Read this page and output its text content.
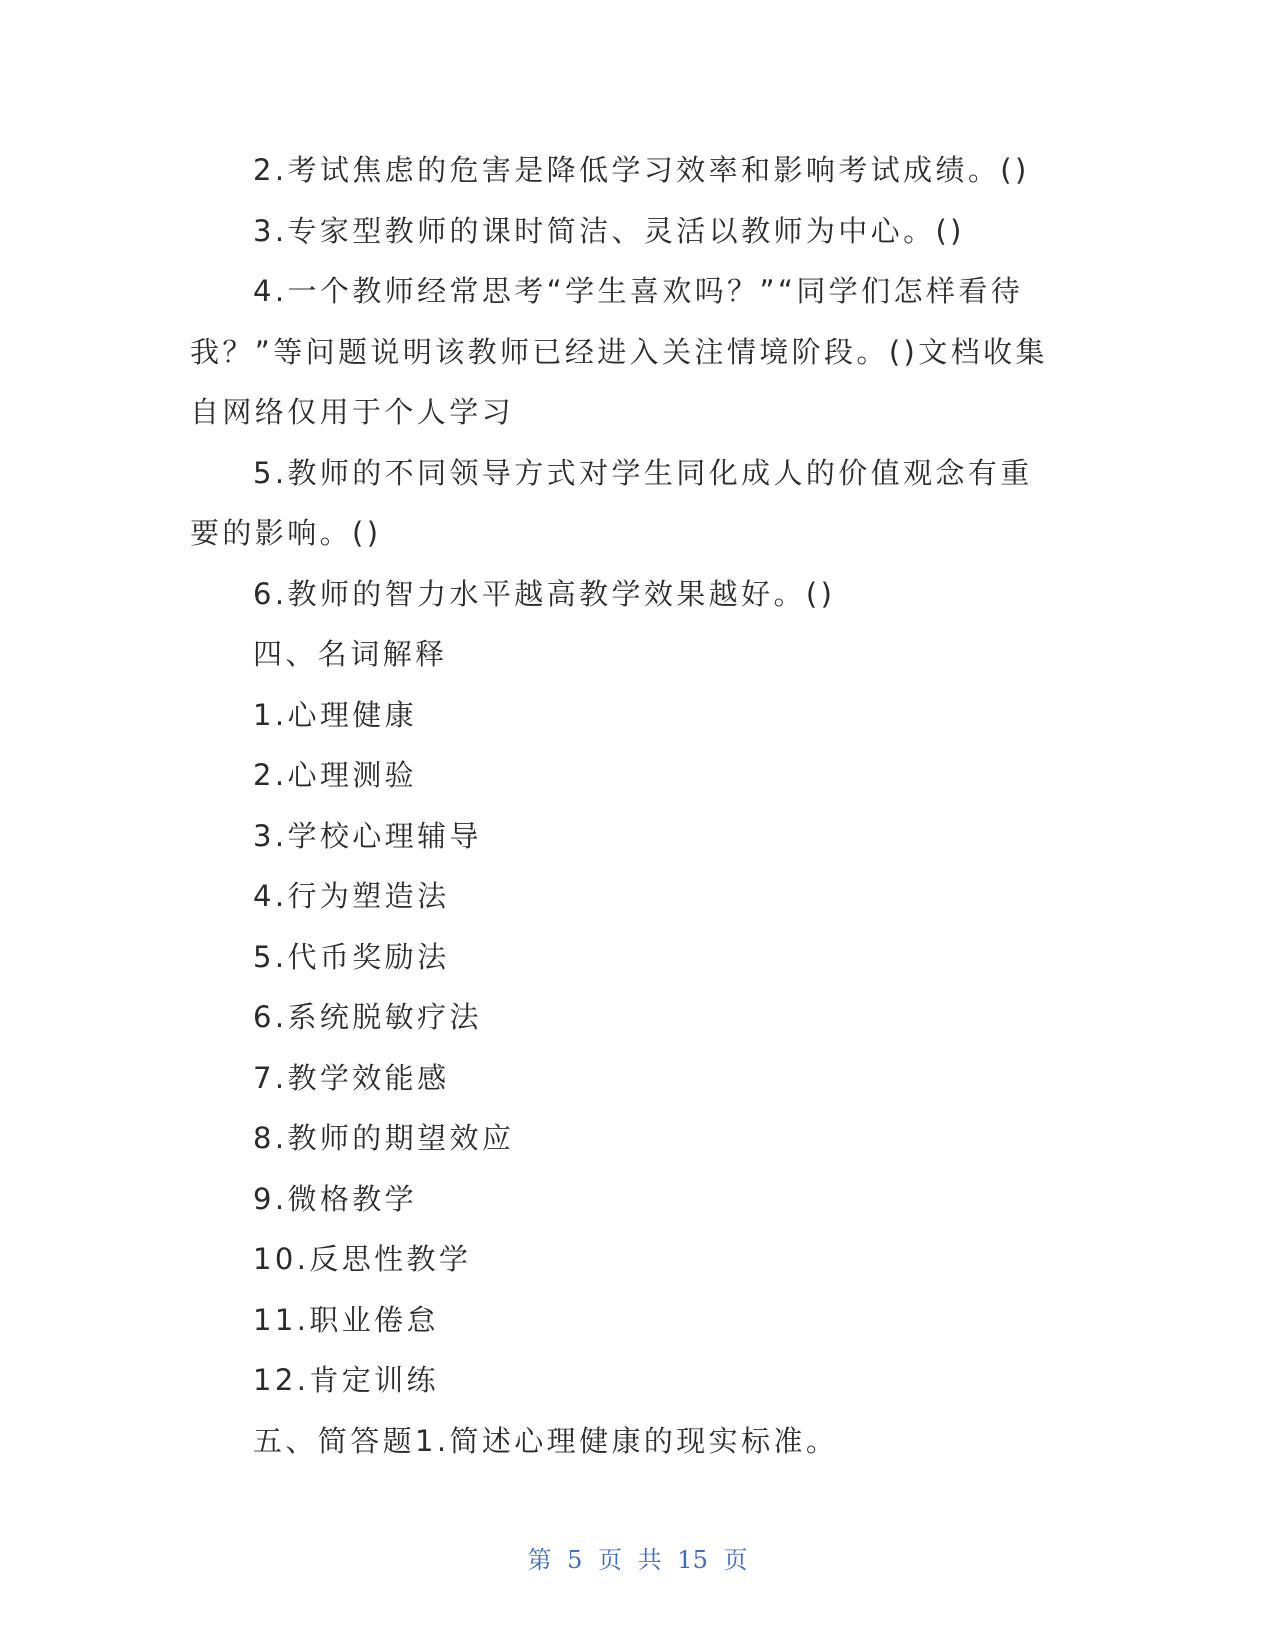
2.考试焦虑的危害是降低学习效率和影响考试成绩。()

3.专家型教师的课时简洁、灵活以教师为中心。()

4.一个教师经常思考“学生喜欢吗？”“同学们怎样看待我？”等问题说明该教师已经进入关注情境阶段。()文档收集自网络仅用于个人学习

5.教师的不同领导方式对学生同化成人的价值观念有重要的影响。()

6.教师的智力水平越高教学效果越好。()

四、名词解释

1.心理健康

2.心理测验

3.学校心理辅导

4.行为塑造法

5.代币奖励法

6.系统脱敏疗法

7.教学效能感

8.教师的期望效应

9.微格教学

10.反思性教学

11.职业倦怠

12.肯定训练

五、简答题1.简述心理健康的现实标准。

第 5 页 共 15 页
